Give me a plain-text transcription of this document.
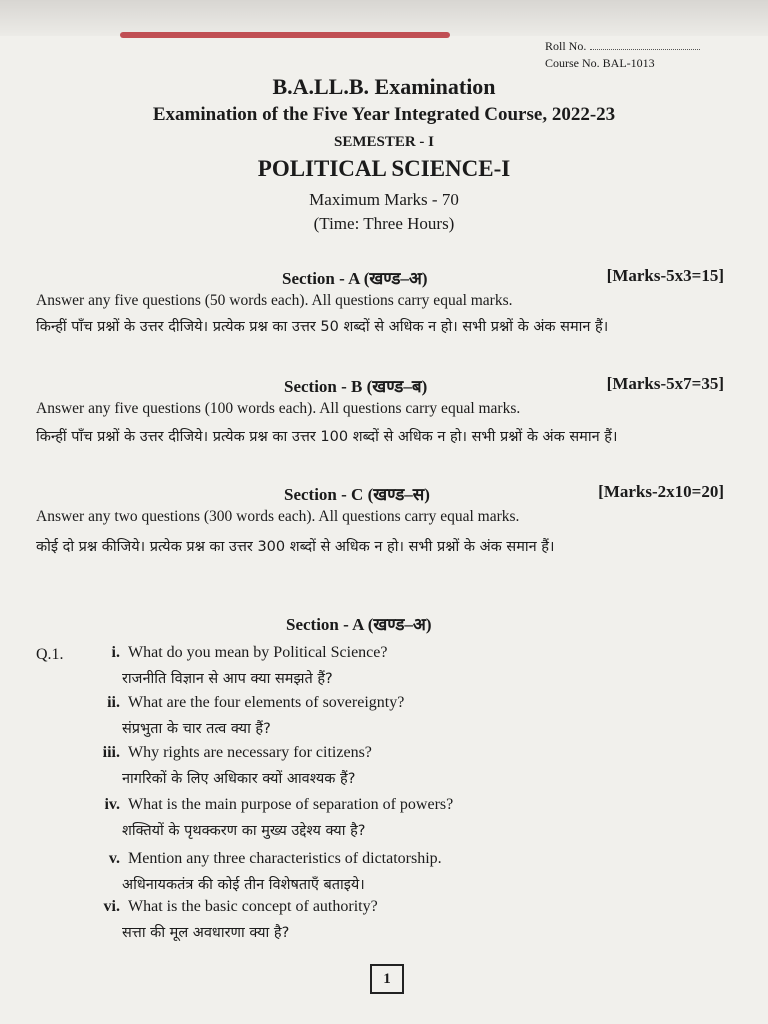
Roll No.
Course No. BAL-1013
B.A.LL.B. Examination
Examination of the Five Year Integrated Course, 2022-23
SEMESTER - I
POLITICAL SCIENCE-I
Maximum Marks - 70
(Time: Three Hours)
Section - A (खण्ड–अ)	[Marks-5x3=15]
Answer any five questions (50 words each). All questions carry equal marks.
किन्हीं पाँच प्रश्नों के उत्तर दीजिये। प्रत्येक प्रश्न का उत्तर 50 शब्दों से अधिक न हो। सभी प्रश्नों के अंक समान हैं।
Section - B (खण्ड–ब)	[Marks-5x7=35]
Answer any five questions (100 words each). All questions carry equal marks.
किन्हीं पाँच प्रश्नों के उत्तर दीजिये। प्रत्येक प्रश्न का उत्तर 100 शब्दों से अधिक न हो। सभी प्रश्नों के अंक समान हैं।
Section - C (खण्ड–स)	[Marks-2x10=20]
Answer any two questions (300 words each). All questions carry equal marks.
कोई दो प्रश्न कीजिये। प्रत्येक प्रश्न का उत्तर 300 शब्दों से अधिक न हो। सभी प्रश्नों के अंक समान हैं।
Section - A (खण्ड–अ)
Q.1.	i. What do you mean by Political Science?
राजनीति विज्ञान से आप क्या समझते हैं?
ii. What are the four elements of sovereignty?
संप्रभुता के चार तत्व क्या हैं?
iii. Why rights are necessary for citizens?
नागरिकों के लिए अधिकार क्यों आवश्यक हैं?
iv. What is the main purpose of separation of powers?
शक्तियों के पृथक्करण का मुख्य उद्देश्य क्या है?
v. Mention any three characteristics of dictatorship.
अधिनायकतंत्र की कोई तीन विशेषताएँ बताइये।
vi. What is the basic concept of authority?
सत्ता की मूल अवधारणा क्या है?
1
